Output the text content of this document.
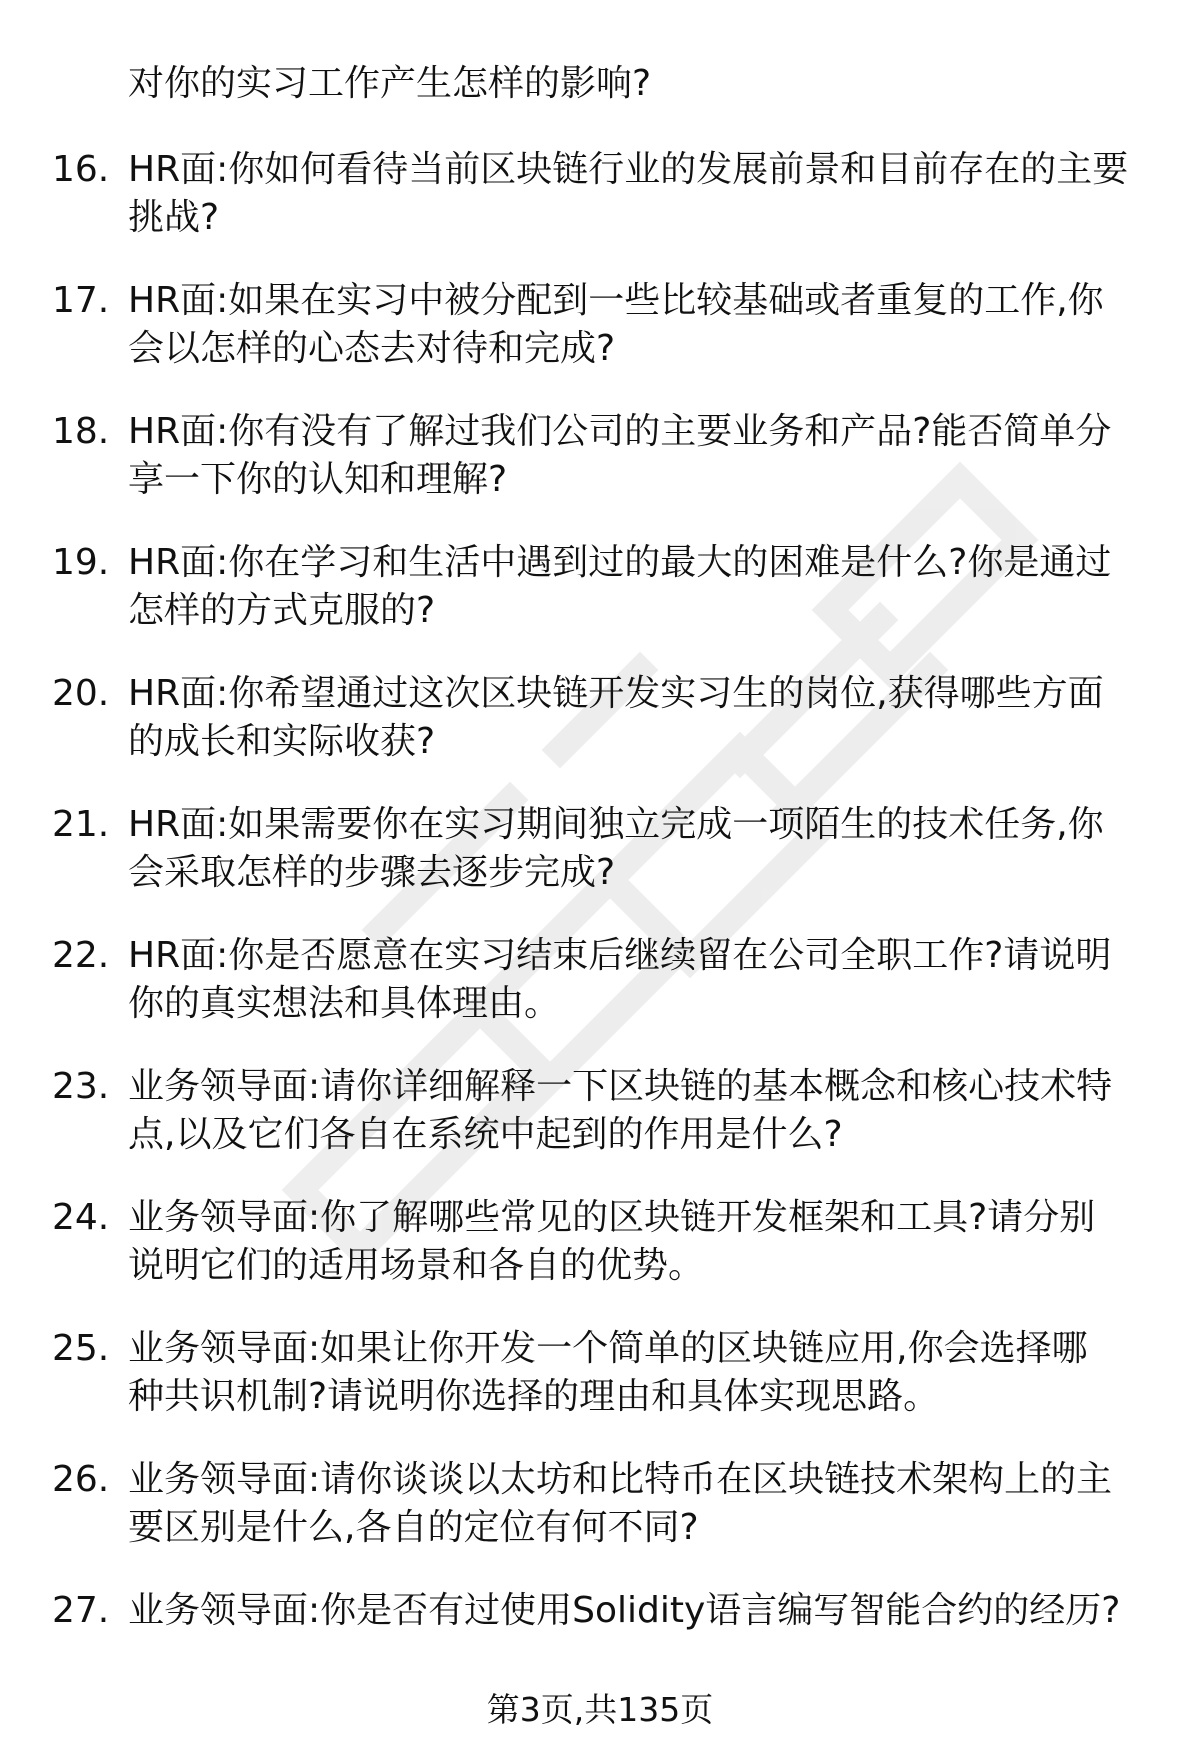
对你的实习工作产生怎样的影响?

16. HR面:你如何看待当前区块链行业的发展前景和目前存在的主要
挑战?
17. HR面:如果在实习中被分配到一些比较基础或者重复的工作,你
会以怎样的心态去对待和完成?
18. HR面:你有没有了解过我们公司的主要业务和产品?能否简单分
享一下你的认知和理解?
19. HR面:你在学习和生活中遇到过的最大的困难是什么?你是通过
怎样的方式克服的?
20. HR面:你希望通过这次区块链开发实习生的岗位,获得哪些方面
的成长和实际收获?
21. HR面:如果需要你在实习期间独立完成一项陌生的技术任务,你
会采取怎样的步骤去逐步完成?
22. HR面:你是否愿意在实习结束后继续留在公司全职工作?请说明
你的真实想法和具体理由。
23. 业务领导面:请你详细解释一下区块链的基本概念和核心技术特
点,以及它们各自在系统中起到的作用是什么?
24. 业务领导面:你了解哪些常见的区块链开发框架和工具?请分别
说明它们的适用场景和各自的优势。
25. 业务领导面:如果让你开发一个简单的区块链应用,你会选择哪
种共识机制?请说明你选择的理由和具体实现思路。
26. 业务领导面:请你谈谈以太坊和比特币在区块链技术架构上的主
要区别是什么,各自的定位有何不同?
27. 业务领导面:你是否有过使用Solidity语言编写智能合约的经历?
第3页,共135页
